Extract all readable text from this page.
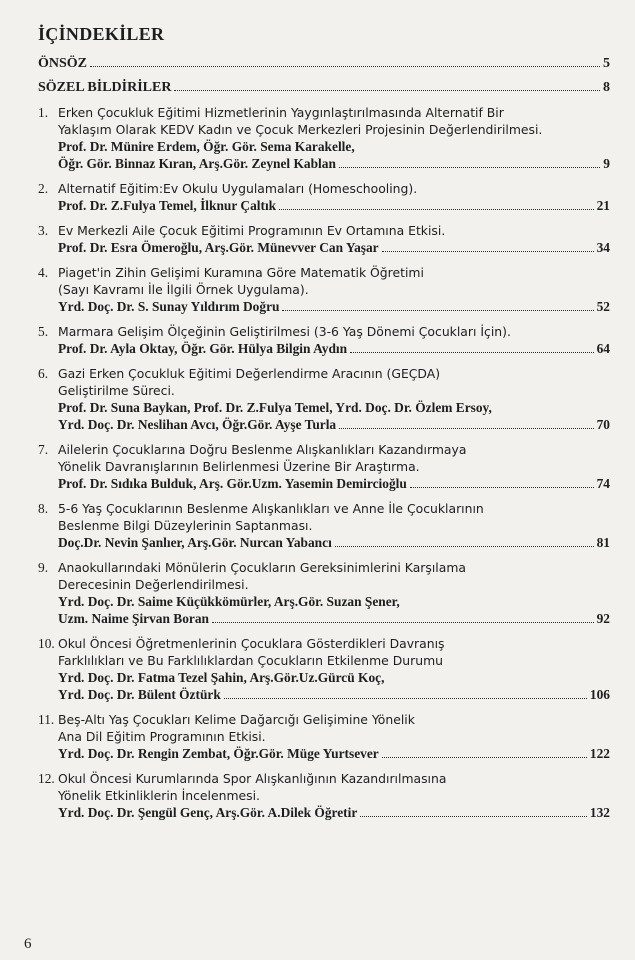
İÇİNDEKİLER
ÖNSÖZ	5
SÖZEL BİLDİRİLER	8
1. Erken Çocukluk Eğitimi Hizmetlerinin Yaygınlaştırılmasında Alternatif Bir
Yaklaşım Olarak KEDV Kadın ve Çocuk Merkezleri Projesinin Değerlendirilmesi.
Prof. Dr. Münire Erdem, Öğr. Gör. Sema Karakelle,
Öğr. Gör. Binnaz Kıran, Arş.Gör. Zeynel Kablan	9
2. Alternatif Eğitim:Ev Okulu Uygulamaları (Homeschooling).
Prof. Dr. Z.Fulya Temel, İlknur Çaltık	21
3. Ev Merkezli Aile Çocuk Eğitimi Programının Ev Ortamına Etkisi.
Prof. Dr. Esra Ömeroğlu, Arş.Gör. Münevver Can Yaşar	34
4. Piaget'in Zihin Gelişimi Kuramına Göre Matematik Öğretimi
(Sayı Kavramı İle İlgili Örnek Uygulama).
Yrd. Doç. Dr. S. Sunay Yıldırım Doğru	52
5. Marmara Gelişim Ölçeğinin Geliştirilmesi (3-6 Yaş Dönemi Çocukları İçin).
Prof. Dr. Ayla Oktay, Öğr. Gör. Hülya Bilgin Aydın	64
6. Gazi Erken Çocukluk Eğitimi Değerlendirme Aracının (GEÇDA)
Geliştirilme Süreci.
Prof. Dr. Suna Baykan, Prof. Dr. Z.Fulya Temel, Yrd. Doç. Dr. Özlem Ersoy,
Yrd. Doç. Dr. Neslihan Avcı, Öğr.Gör. Ayşe Turla	70
7. Ailelerin Çocuklarına Doğru Beslenme Alışkanlıkları Kazandırmaya
Yönelik Davranışlarının Belirlenmesi Üzerine Bir Araştırma.
Prof. Dr. Sıdıka Bulduk, Arş. Gör.Uzm. Yasemin Demircioğlu	74
8. 5-6 Yaş Çocuklarının Beslenme Alışkanlıkları ve Anne İle Çocuklarının
Beslenme Bilgi Düzeylerinin Saptanması.
Doç.Dr. Nevin Şanlıer, Arş.Gör. Nurcan Yabancı	81
9. Anaokullarındaki Mönülerin Çocukların Gereksinimlerini Karşılama
Derecesinin Değerlendirilmesi.
Yrd. Doç. Dr. Saime Küçükkömürler, Arş.Gör. Suzan Şener,
Uzm. Naime Şirvan Boran	92
10. Okul Öncesi Öğretmenlerinin Çocuklara Gösterdikleri Davranış
Farklılıkları ve Bu Farklılıklardan Çocukların Etkilenme Durumu
Yrd. Doç. Dr. Fatma Tezel Şahin, Arş.Gör.Uz.Gürcü Koç,
Yrd. Doç. Dr. Bülent Öztürk	106
11. Beş-Altı Yaş Çocukları Kelime Dağarcığı Gelişimine Yönelik
Ana Dil Eğitim Programının Etkisi.
Yrd. Doç. Dr. Rengin Zembat, Öğr.Gör. Müge Yurtsever	122
12. Okul Öncesi Kurumlarında Spor Alışkanlığının Kazandırılmasına
Yönelik Etkinliklerin İncelenmesi.
Yrd. Doç. Dr. Şengül Genç, Arş.Gör. A.Dilek Öğretir	132
6
